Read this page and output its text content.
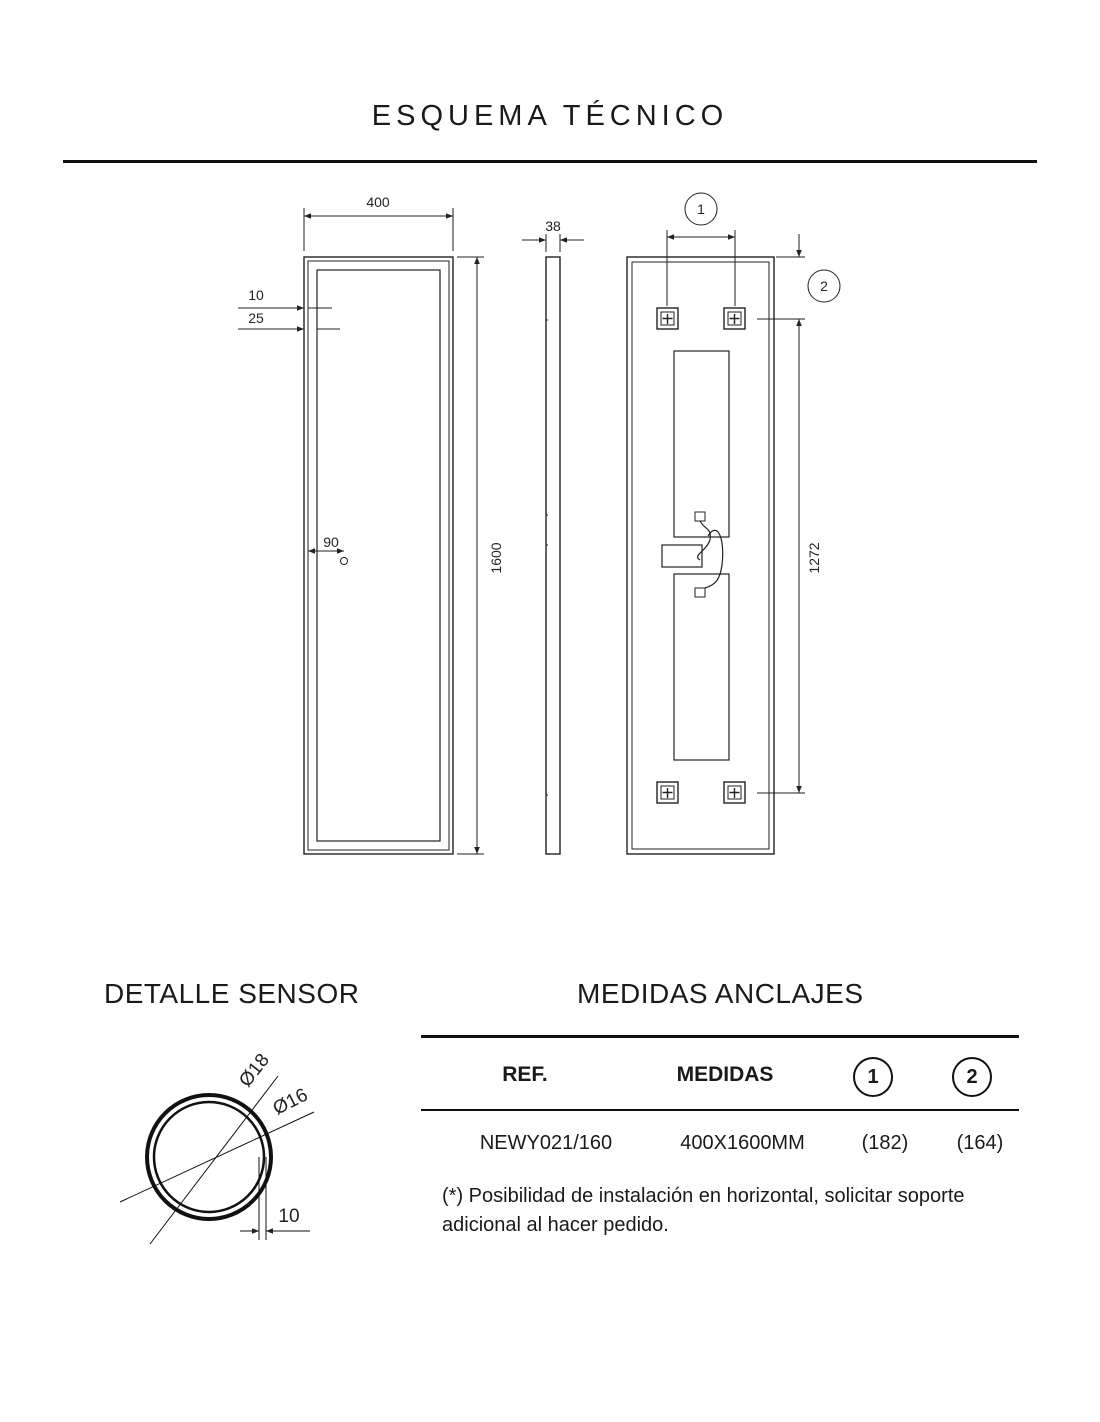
ESQUEMA TÉCNICO
400
1600
10
25
90
38
1
2
1272
Ø18
Ø16
10
DETALLE SENSOR	MEDIDAS ANCLAJES
REF.	MEDIDAS	1	2
NEWY021/160	400X1600MM	(182)	(164)
(*) Posibilidad de instalación en horizontal, solicitar soporte adicional al hacer pedido.
